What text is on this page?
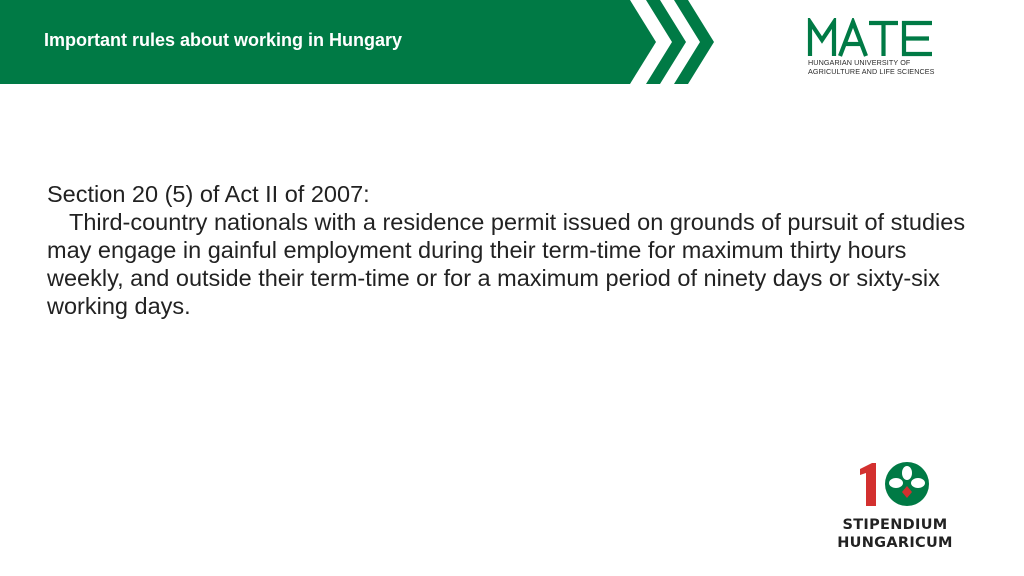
Important rules about working in Hungary
HUNGARIAN UNIVERSITY OF
AGRICULTURE AND LIFE SCIENCES
Section 20 (5) of Act II of 2007:
Third-country nationals with a residence permit issued on grounds of pursuit of studies may engage in gainful employment during their term-time for maximum thirty hours weekly, and outside their term-time or for a maximum period of ninety days or sixty-six working days.
STIPENDIUM
HUNGARICUM
